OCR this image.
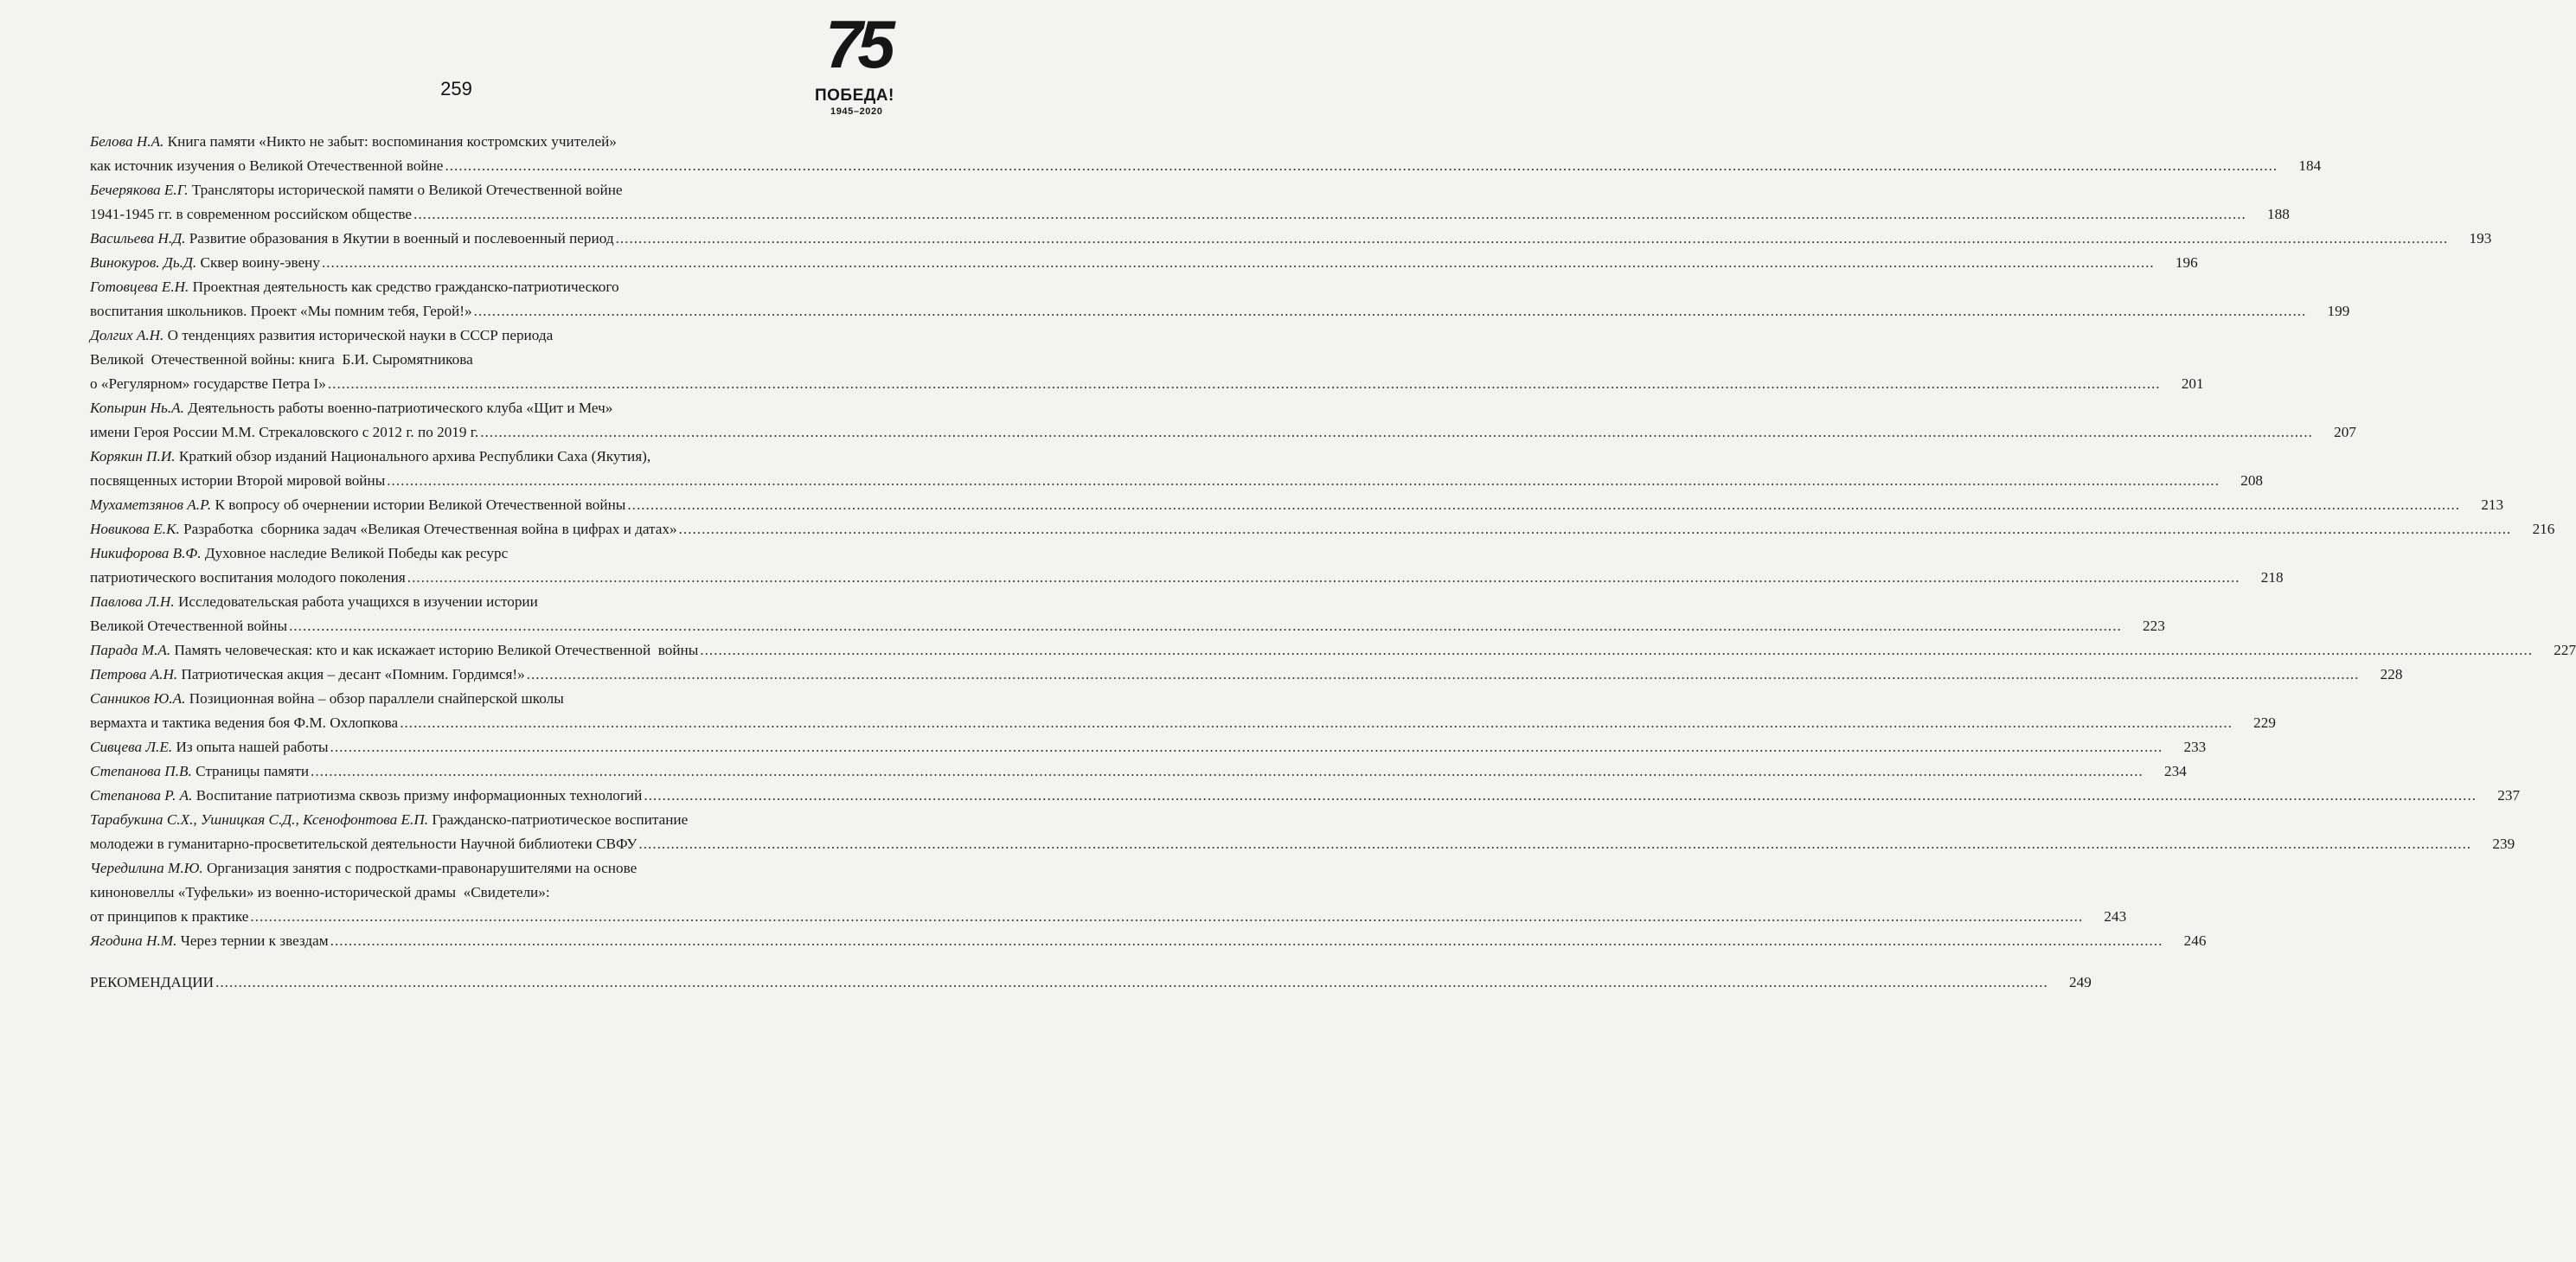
75
ПОБЕДА!
1945–2020
259
Белова Н.А. Книга памяти «Никто не забыт: воспоминания костромских учителей»
как источник изучения о Великой Отечественной войне ................................................................................................................................................................................................................................................................................................................................................................................................................	184
Бечерякова Е.Г. Трансляторы исторической памяти о Великой Отечественной войне
1941-1945 гг. в современном российском обществе ................................................................................................................................................................................................................................................................................................................................................................................................................	188
Васильева Н.Д. Развитие образования в Якутии в военный и послевоенный период ................................................................................................................................................................................................................................................................................................................................................................................................................	193
Винокуров. Дь.Д. Сквер воину-эвену ................................................................................................................................................................................................................................................................................................................................................................................................................	196
Готовцева Е.Н. Проектная деятельность как средство гражданско-патриотического
воспитания школьников. Проект «Мы помним тебя, Герой!» ................................................................................................................................................................................................................................................................................................................................................................................................................	199
Долгих А.Н. О тенденциях развития исторической науки в СССР периода
Великой  Отечественной войны: книга  Б.И. Сыромятникова
о «Регулярном» государстве Петра I» ................................................................................................................................................................................................................................................................................................................................................................................................................	201
Копырин Нь.А. Деятельность работы военно-патриотического клуба «Щит и Меч»
имени Героя России М.М. Стрекаловского с 2012 г. по 2019 г. ................................................................................................................................................................................................................................................................................................................................................................................................................	207
Корякин П.И. Краткий обзор изданий Национального архива Республики Саха (Якутия),
посвященных истории Второй мировой войны ................................................................................................................................................................................................................................................................................................................................................................................................................	208
Мухаметзянов А.Р. К вопросу об очернении истории Великой Отечественной войны ................................................................................................................................................................................................................................................................................................................................................................................................................	213
Новикова Е.К. Разработка  сборника задач «Великая Отечественная война в цифрах и датах» ................................................................................................................................................................................................................................................................................................................................................................................................................	216
Никифорова В.Ф. Духовное наследие Великой Победы как ресурс
патриотического воспитания молодого поколения ................................................................................................................................................................................................................................................................................................................................................................................................................	218
Павлова Л.Н. Исследовательская работа учащихся в изучении истории
Великой Отечественной войны ................................................................................................................................................................................................................................................................................................................................................................................................................	223
Парада М.А. Память человеческая: кто и как искажает историю Великой Отечественной  войны ................................................................................................................................................................................................................................................................................................................................................................................................................	227
Петрова А.Н. Патриотическая акция – десант «Помним. Гордимся!» ................................................................................................................................................................................................................................................................................................................................................................................................................	228
Санников Ю.А. Позиционная война – обзор параллели снайперской школы
вермахта и тактика ведения боя Ф.М. Охлопкова ................................................................................................................................................................................................................................................................................................................................................................................................................	229
Сивцева Л.Е. Из опыта нашей работы ................................................................................................................................................................................................................................................................................................................................................................................................................	233
Степанова П.В. Страницы памяти ................................................................................................................................................................................................................................................................................................................................................................................................................	234
Степанова Р. А. Воспитание патриотизма сквозь призму информационных технологий ................................................................................................................................................................................................................................................................................................................................................................................................................	237
Тарабукина С.Х., Ушницкая С.Д., Ксенофонтова Е.П. Гражданско-патриотическое воспитание
молодежи в гуманитарно-просветительской деятельности Научной библиотеки СВФУ ................................................................................................................................................................................................................................................................................................................................................................................................................	239
Чередилина М.Ю. Организация занятия с подростками-правонарушителями на основе
киноновеллы «Туфельки» из военно-исторической драмы  «Свидетели»:
от принципов к практике ................................................................................................................................................................................................................................................................................................................................................................................................................	243
Ягодина Н.М. Через тернии к звездам ................................................................................................................................................................................................................................................................................................................................................................................................................	246
РЕКОМЕНДАЦИИ ................................................................................................................................................................................................................................................................................................................................................................................................................	249
